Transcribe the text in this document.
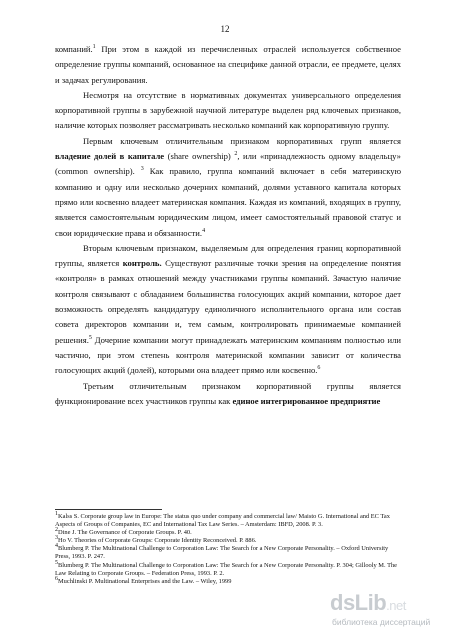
12

компаний.$^1$ При этом в каждой из перечисленных отраслей используется собственное определение группы компаний, основанное на специфике данной отрасли, ее предмете, целях и задачах регулирования.

Несмотря на отсутствие в нормативных документах универсального определения корпоративной группы в зарубежной научной литературе выделен ряд ключевых признаков, наличие которых позволяет рассматривать несколько компаний как корпоративную группу.

Первым ключевым отличительным признаком корпоративных групп является владение долей в капитале (share ownership) $^2$, или «принадлежность одному владельцу» (common ownership). $^3$ Как правило, группа компаний включает в себя материнскую компанию и одну или несколько дочерних компаний, долями уставного капитала которых прямо или косвенно владеет материнская компания. Каждая из компаний, входящих в группу, является самостоятельным юридическим лицом, имеет самостоятельный правовой статус и свои юридические права и обязанности.$^4$

Вторым ключевым признаком, выделяемым для определения границ корпоративной группы, является контроль. Существуют различные точки зрения на определение понятия «контроля» в рамках отношений между участниками группы компаний. Зачастую наличие контроля связывают с обладанием большинства голосующих акций компании, которое дает возможность определять кандидатуру единоличного исполнительного органа или состав совета директоров компании и, тем самым, контролировать принимаемые компанией решения.$^5$ Дочерние компании могут принадлежать материнским компаниям полностью или частично, при этом степень контроля материнской компании зависит от количества голосующих акций (долей), которыми она владеет прямо или косвенно.$^6$

Третьим отличительным признаком корпоративной группы является функционирование всех участников группы как единое интегрированное предприятие

$^1$Kalss S. Corporate group law in Europe: The status quo under company and commercial law/ Maisto G. International and EC Tax Aspects of Groups of Companies, EC and International Tax Law Series. – Amsterdam: IBFD, 2008. P. 3.

$^2$Dine J. The Governance of Corporate Groups. P. 40.

$^3$Ho V. Theories of Corporate Groups: Corporate Identity Reconceived. P. 886.

$^4$Blumberg P. The Multinational Challenge to Corporation Law: The Search for a New Corporate Personality. – Oxford University Press, 1993. P. 247.

$^5$Blumberg P. The Multinational Challenge to Corporation Law: The Search for a New Corporate Personality. P. 304; Gillooly M. The Law Relating to Corporate Groups. – Federation Press, 1993. P. 2.

$^6$Muchlinski P. Multinational Enterprises and the Law. – Wiley, 1999

dsLib.net
библиотека диссертаций
